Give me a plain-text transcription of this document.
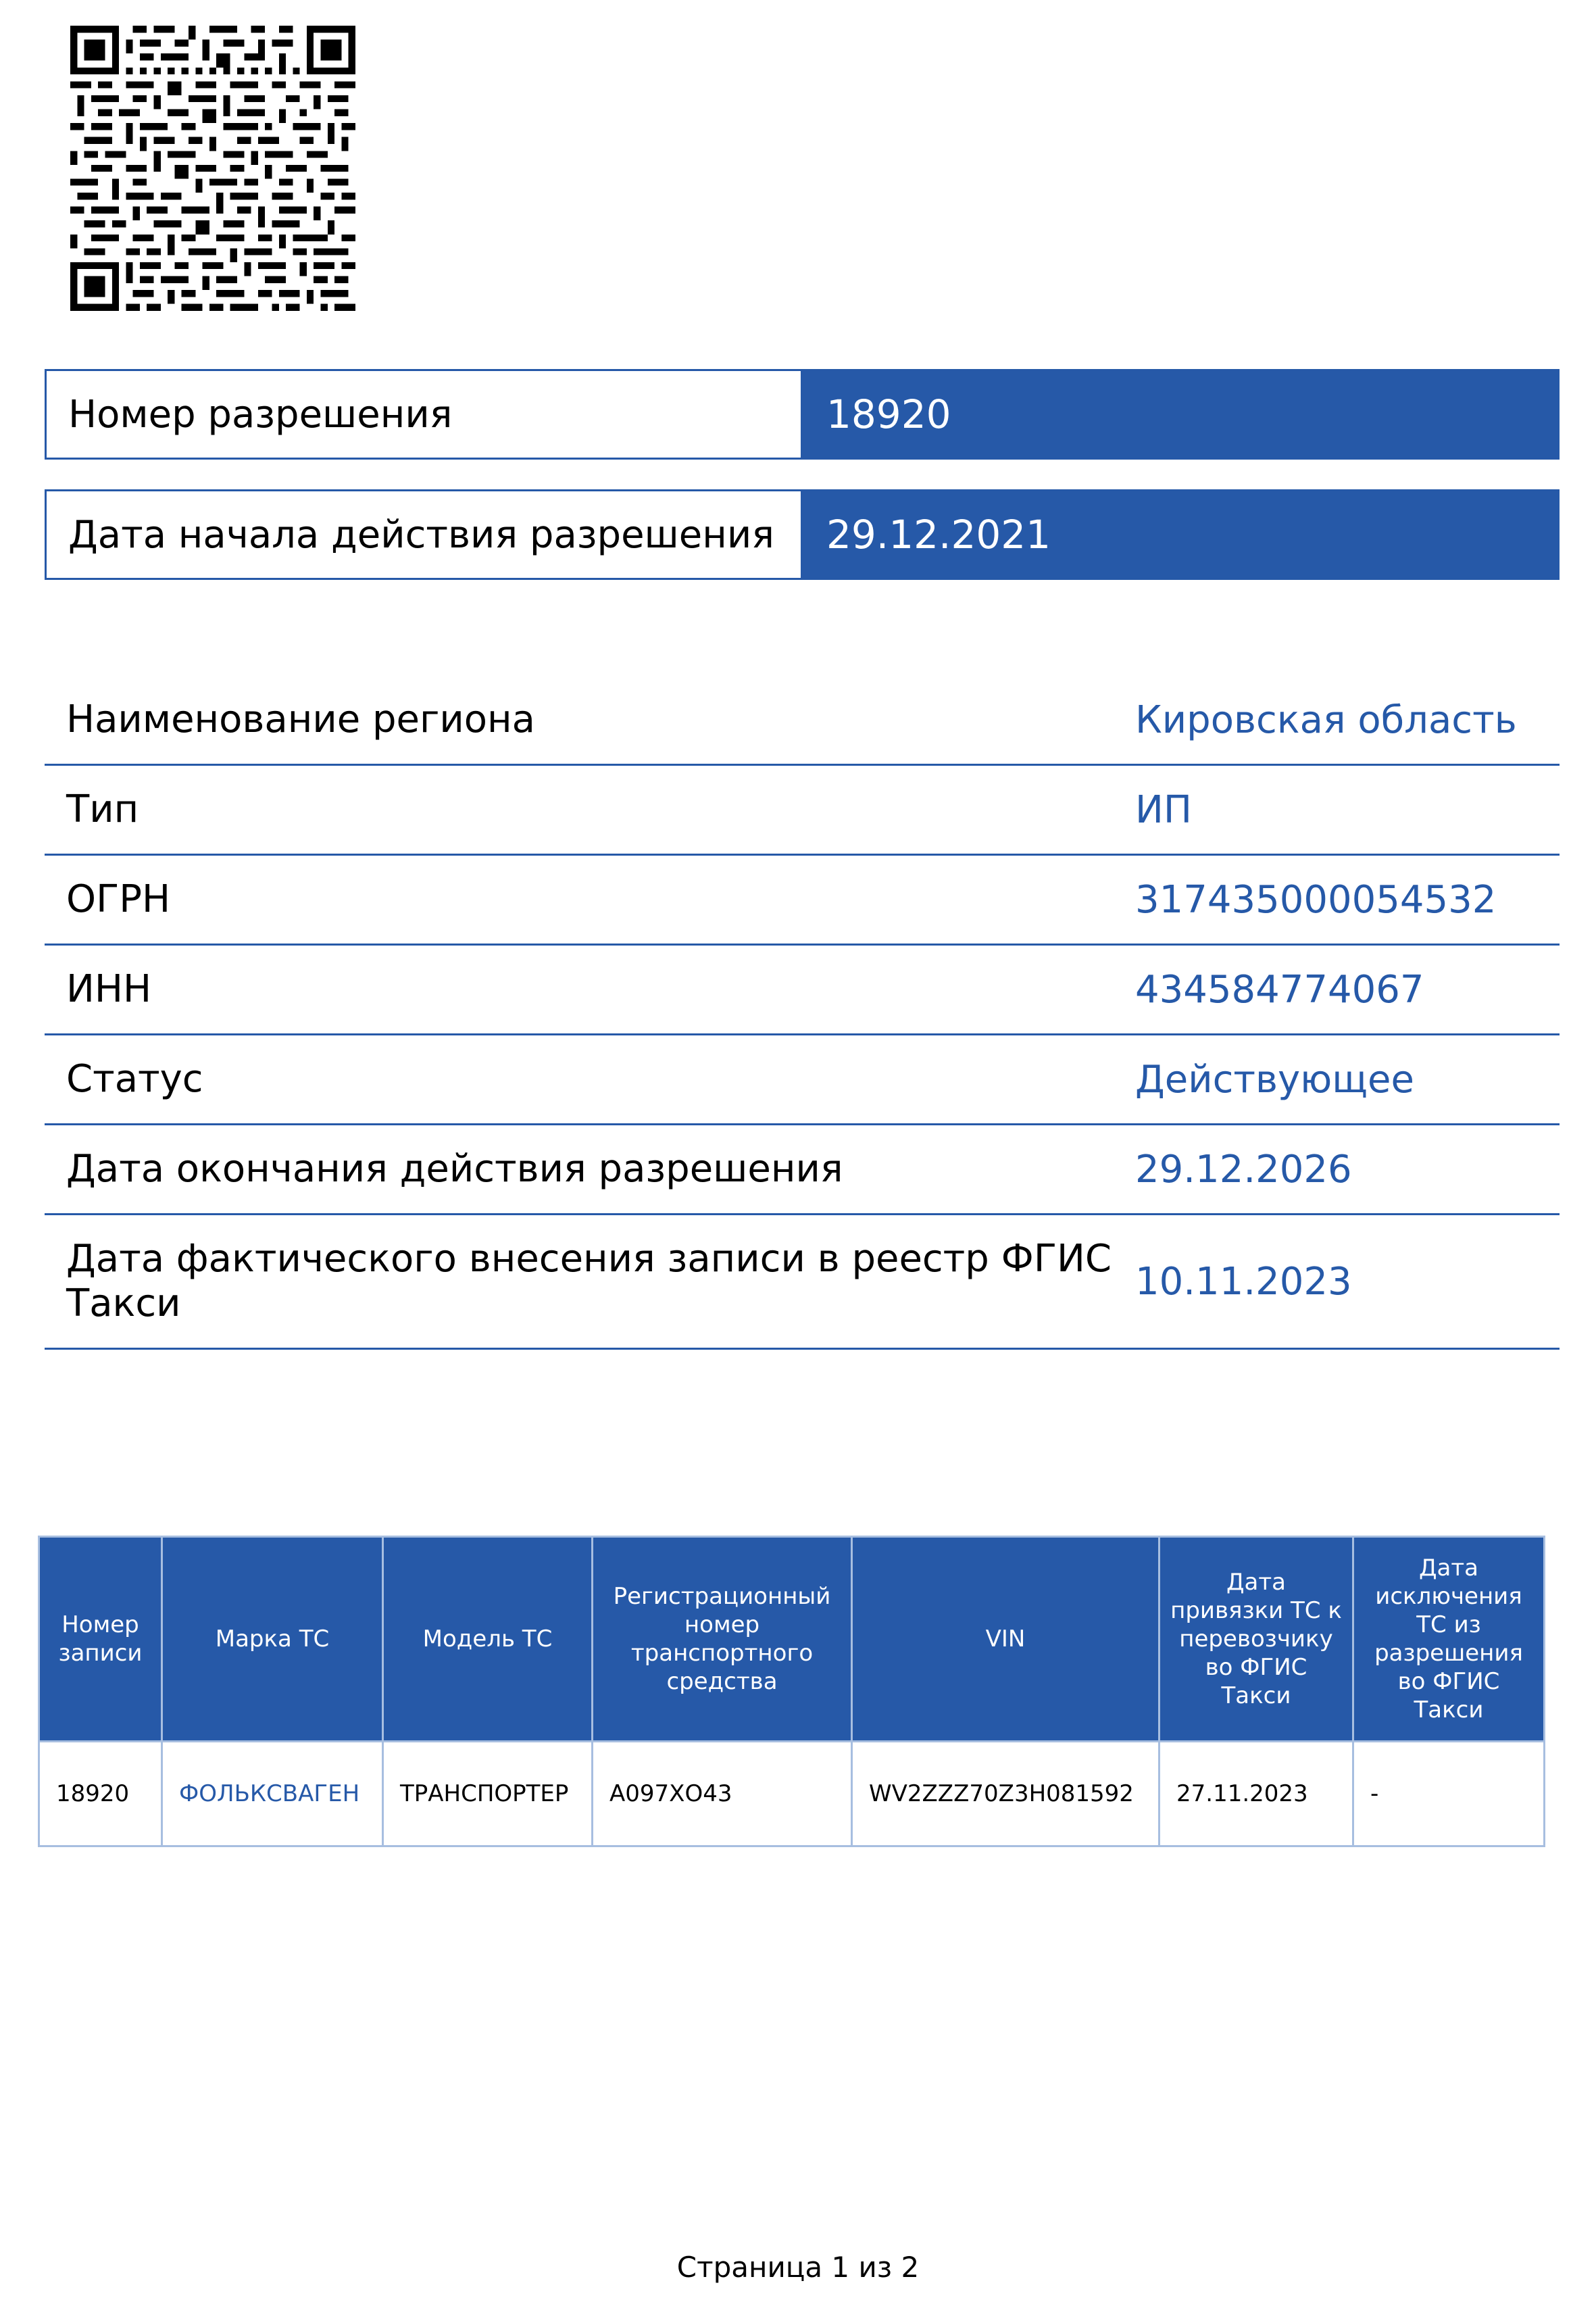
Номер разрешения	18920
Дата начала действия разрешения	29.12.2021
Наименование региона	Кировская область
Тип	ИП
ОГРН	317435000054532
ИНН	434584774067
Статус	Действующее
Дата окончания действия разрешения	29.12.2026
Дата фактического внесения записи в реестр ФГИС Такси	10.11.2023
Номер записи	Марка ТС	Модель ТС	Регистрационный номер транспортного средства	VIN	Дата привязки ТС к перевозчику во ФГИС Такси	Дата исключения ТС из разрешения во ФГИС Такси
18920	ФОЛЬКСВАГЕН	ТРАНСПОРТЕР	А097ХО43	WV2ZZZ70Z3H081592	27.11.2023	-
Страница 1 из 2
